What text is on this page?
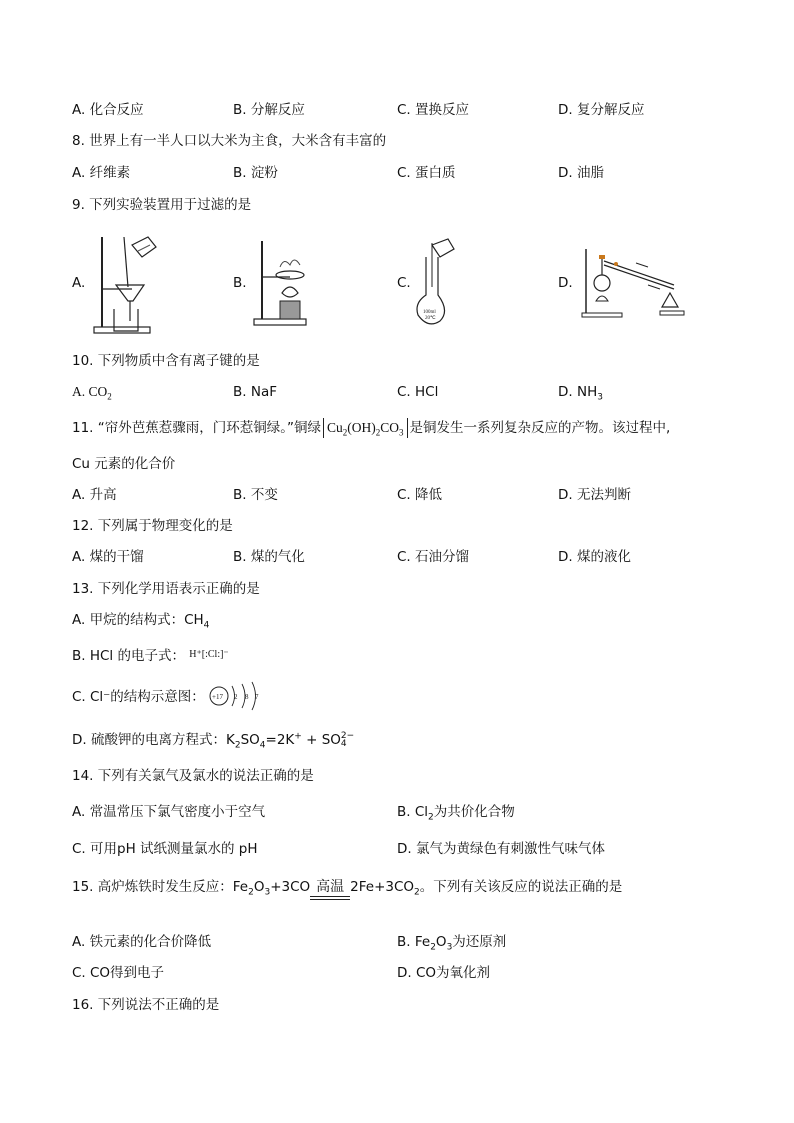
A. 化合反应	B. 分解反应	C. 置换反应	D. 复分解反应
8. 世界上有一半人口以大米为主食，大米含有丰富的
A. 纤维素	B. 淀粉	C. 蛋白质	D. 油脂
9. 下列实验装置用于过滤的是
A.	B.	C.
100ml
20℃
D.
10. 下列物质中含有离子键的是
A. $CO_2$	B. NaF	C. HCl	D. $NH_3$
11. “帘外芭蕉惹骤雨，门环惹铜绿。”铜绿 $Cu_2(OH)_2CO_3$ 是铜发生一系列复杂反应的产物。该过程中,
Cu 元素的化合价
A. 升高	B. 不变	C. 降低	D. 无法判断
12. 下列属于物理变化的是
A. 煤的干馏	B. 煤的气化	C. 石油分馏	D. 煤的液化
13. 下列化学用语表示正确的是
A. 甲烷的结构式：$CH_4$
B. HCl 的电子式： $^{H^+[:Cl:]^-}$
C. Cl⁻的结构示意图： +17 2 8 7
D. 硫酸钾的电离方程式：$K_2SO_4=2K^+$ + SO 2−
4
14. 下列有关氯气及氯水的说法正确的是
A. 常温常压下氯气密度小于空气	B. $Cl_2$为共价化合物
C. 可用pH 试纸测量氯水的 pH	D. 氯气为黄绿色有刺激性气味气体
15. 高炉炼铁时发生反应：$Fe_2O_3+3CO$ 高温 $2Fe+3CO_2$。下列有关该反应的说法正确的是
A. 铁元素的化合价降低	B. $Fe_2O_3$为还原剂
C. CO得到电子	D. CO为氧化剂
16. 下列说法不正确的是
